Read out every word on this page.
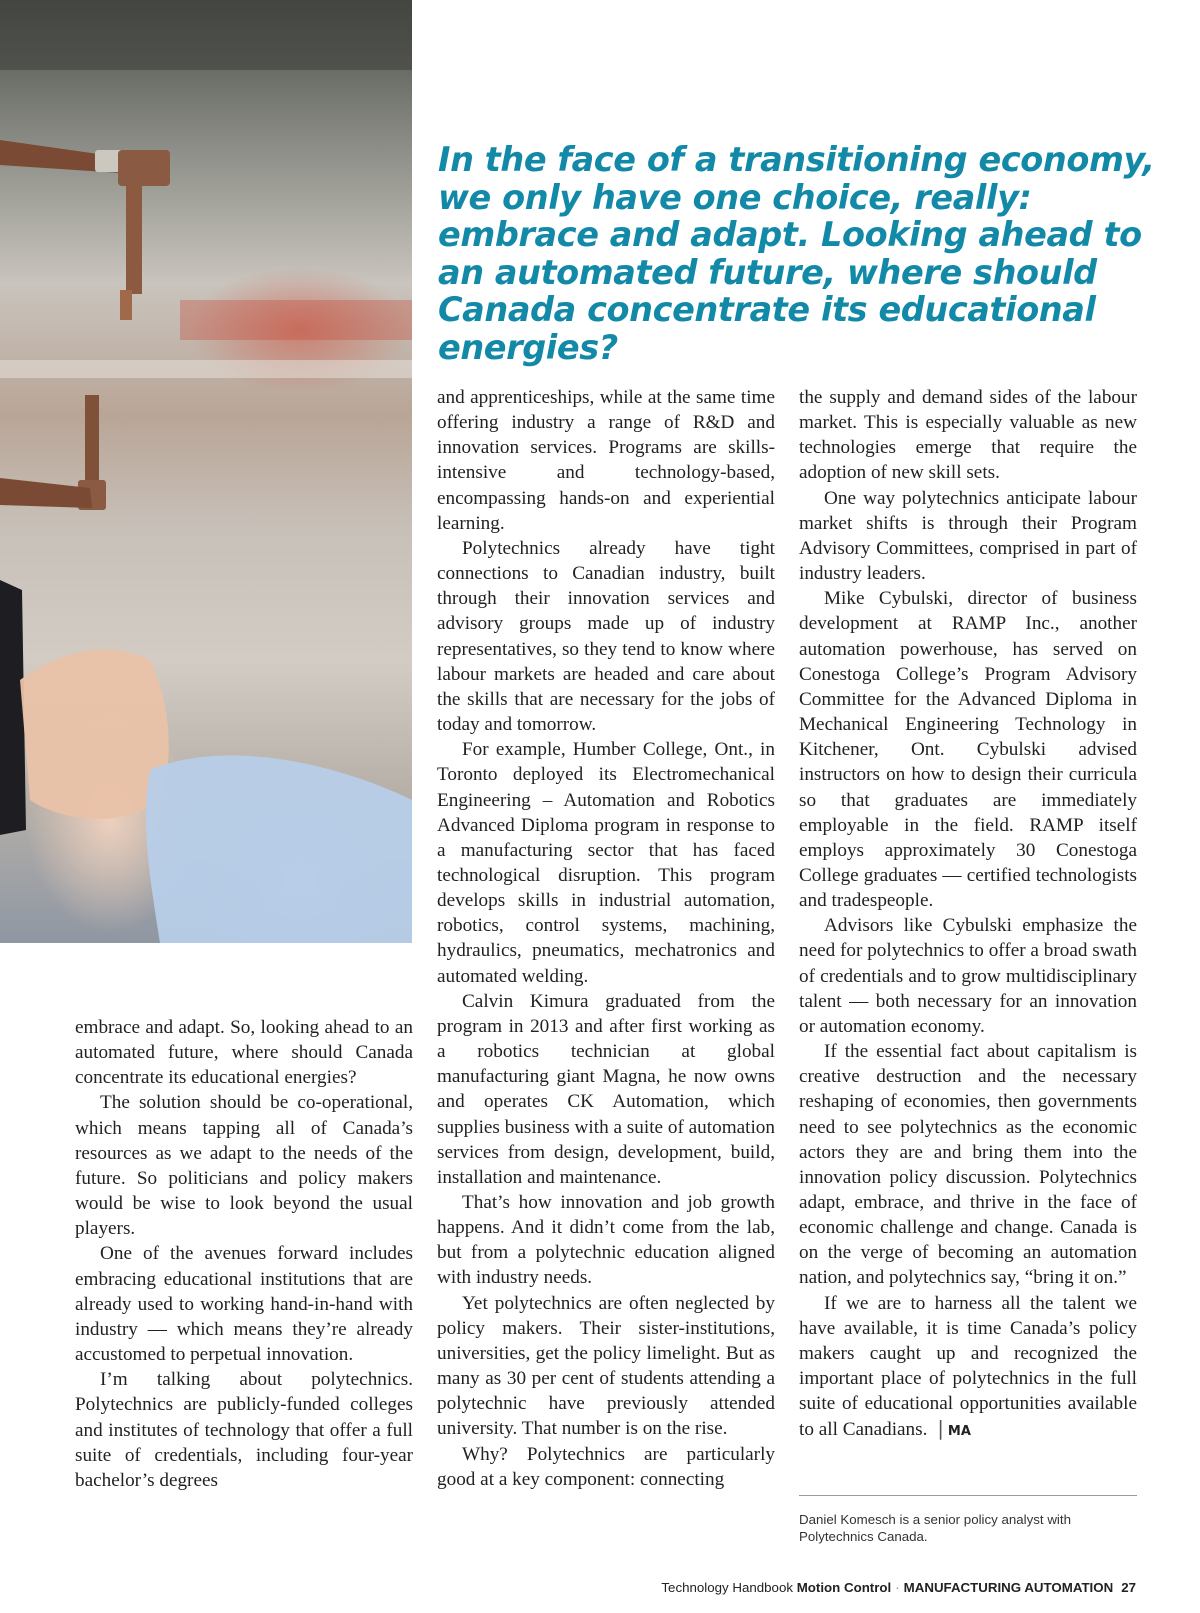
In the face of a transitioning economy, we only have one choice, really: embrace and adapt. Looking ahead to an automated future, where should Canada concentrate its educational energies?

embrace and adapt. So, looking ahead to an automated future, where should Canada concentrate its educational energies?

The solution should be co-operational, which means tapping all of Canada’s resources as we adapt to the needs of the future. So politicians and policy makers would be wise to look beyond the usual players.

One of the avenues forward includes embracing educational institutions that are already used to working hand-in-hand with industry — which means they’re already accustomed to perpetual innovation.

I’m talking about polytechnics. Polytechnics are publicly-funded colleges and institutes of technology that offer a full suite of credentials, including four-year bachelor’s degrees

and apprenticeships, while at the same time offering industry a range of R&D and innovation services. Programs are skills-intensive and technology-based, encompassing hands-on and experiential learning.

Polytechnics already have tight connections to Canadian industry, built through their innovation services and advisory groups made up of industry representatives, so they tend to know where labour markets are headed and care about the skills that are necessary for the jobs of today and tomorrow.

For example, Humber College, Ont., in Toronto deployed its Electromechanical Engineering – Automation and Robotics Advanced Diploma program in response to a manufacturing sector that has faced technological disruption. This program develops skills in industrial automation, robotics, control systems, machining, hydraulics, pneumatics, mechatronics and automated welding.

Calvin Kimura graduated from the program in 2013 and after first working as a robotics technician at global manufacturing giant Magna, he now owns and operates CK Automation, which supplies business with a suite of automation services from design, development, build, installation and maintenance.

That’s how innovation and job growth happens. And it didn’t come from the lab, but from a polytechnic education aligned with industry needs.

Yet polytechnics are often neglected by policy makers. Their sister-institutions, universities, get the policy limelight. But as many as 30 per cent of students attending a polytechnic have previously attended university. That number is on the rise.

Why? Polytechnics are particularly good at a key component: connecting

the supply and demand sides of the labour market. This is especially valuable as new technologies emerge that require the adoption of new skill sets.

One way polytechnics anticipate labour market shifts is through their Program Advisory Committees, comprised in part of industry leaders.

Mike Cybulski, director of business development at RAMP Inc., another automation powerhouse, has served on Conestoga College’s Program Advisory Committee for the Advanced Diploma in Mechanical Engineering Technology in Kitchener, Ont. Cybulski advised instructors on how to design their curricula so that graduates are immediately employable in the field. RAMP itself employs approximately 30 Conestoga College graduates — certified technologists and tradespeople.

Advisors like Cybulski emphasize the need for polytechnics to offer a broad swath of credentials and to grow multidisciplinary talent — both necessary for an innovation or automation economy.

If the essential fact about capitalism is creative destruction and the necessary reshaping of economies, then governments need to see polytechnics as the economic actors they are and bring them into the innovation policy discussion. Polytechnics adapt, embrace, and thrive in the face of economic challenge and change. Canada is on the verge of becoming an automation nation, and polytechnics say, “bring it on.”

If we are to harness all the talent we have available, it is time Canada’s policy makers caught up and recognized the important place of polytechnics in the full suite of educational opportunities available to all Canadians. | MA

Daniel Komesch is a senior policy analyst with Polytechnics Canada.
Technology Handbook Motion Control · MANUFACTURING AUTOMATION 27
